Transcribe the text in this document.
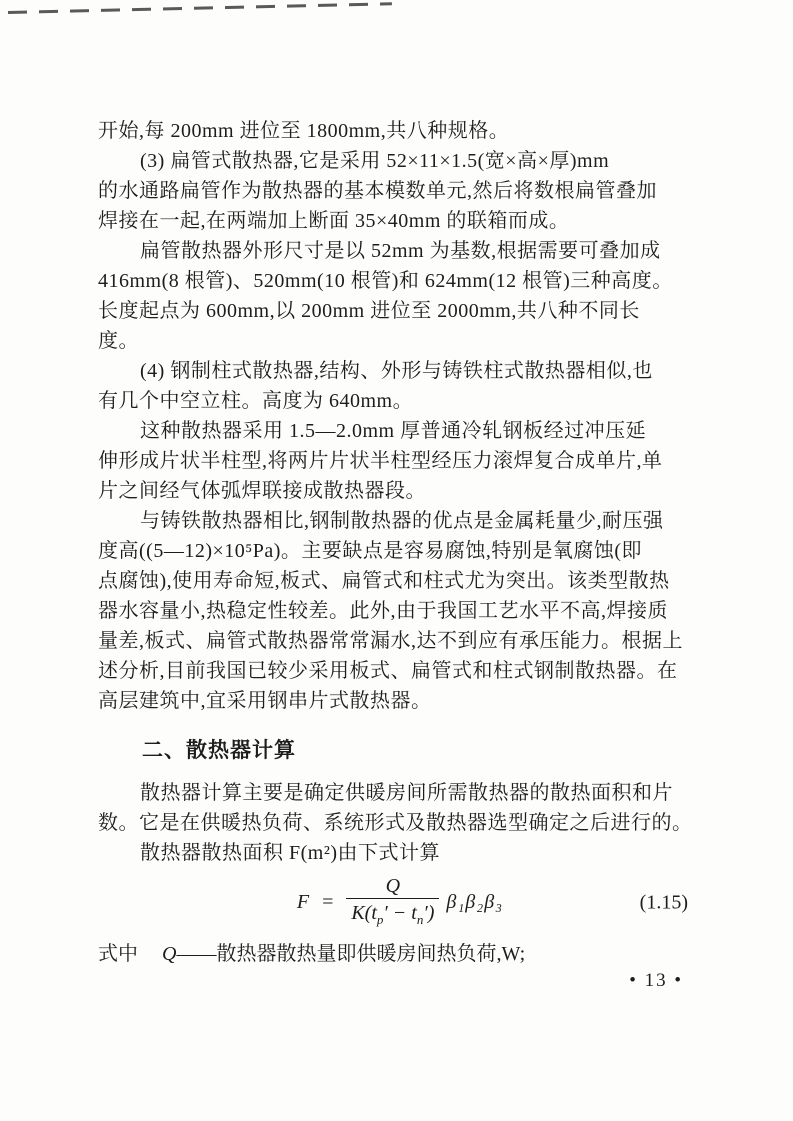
开始,每 200mm 进位至 1800mm,共八种规格。
(3) 扁管式散热器,它是采用 52×11×1.5(宽×高×厚)mm
的水通路扁管作为散热器的基本模数单元,然后将数根扁管叠加
焊接在一起,在两端加上断面 35×40mm 的联箱而成。
扁管散热器外形尺寸是以 52mm 为基数,根据需要可叠加成
416mm(8 根管)、520mm(10 根管)和 624mm(12 根管)三种高度。
长度起点为 600mm,以 200mm 进位至 2000mm,共八种不同长
度。
(4) 钢制柱式散热器,结构、外形与铸铁柱式散热器相似,也
有几个中空立柱。高度为 640mm。
这种散热器采用 1.5—2.0mm 厚普通冷轧钢板经过冲压延
伸形成片状半柱型,将两片片状半柱型经压力滚焊复合成单片,单
片之间经气体弧焊联接成散热器段。
与铸铁散热器相比,钢制散热器的优点是金属耗量少,耐压强
度高((5—12)×10⁵Pa)。主要缺点是容易腐蚀,特别是氧腐蚀(即
点腐蚀),使用寿命短,板式、扁管式和柱式尤为突出。该类型散热
器水容量小,热稳定性较差。此外,由于我国工艺水平不高,焊接质
量差,板式、扁管式散热器常常漏水,达不到应有承压能力。根据上
述分析,目前我国已较少采用板式、扁管式和柱式钢制散热器。在
高层建筑中,宜采用钢串片式散热器。
二、散热器计算
散热器计算主要是确定供暖房间所需散热器的散热面积和片
数。它是在供暖热负荷、系统形式及散热器选型确定之后进行的。
散热器散热面积 F(m²)由下式计算
$F = \frac{Q}{K(t_p' - t_n')} \beta_1\beta_2\beta_3$	(1.15)
式中 Q——散热器散热量即供暖房间热负荷,W;
• 13 •
